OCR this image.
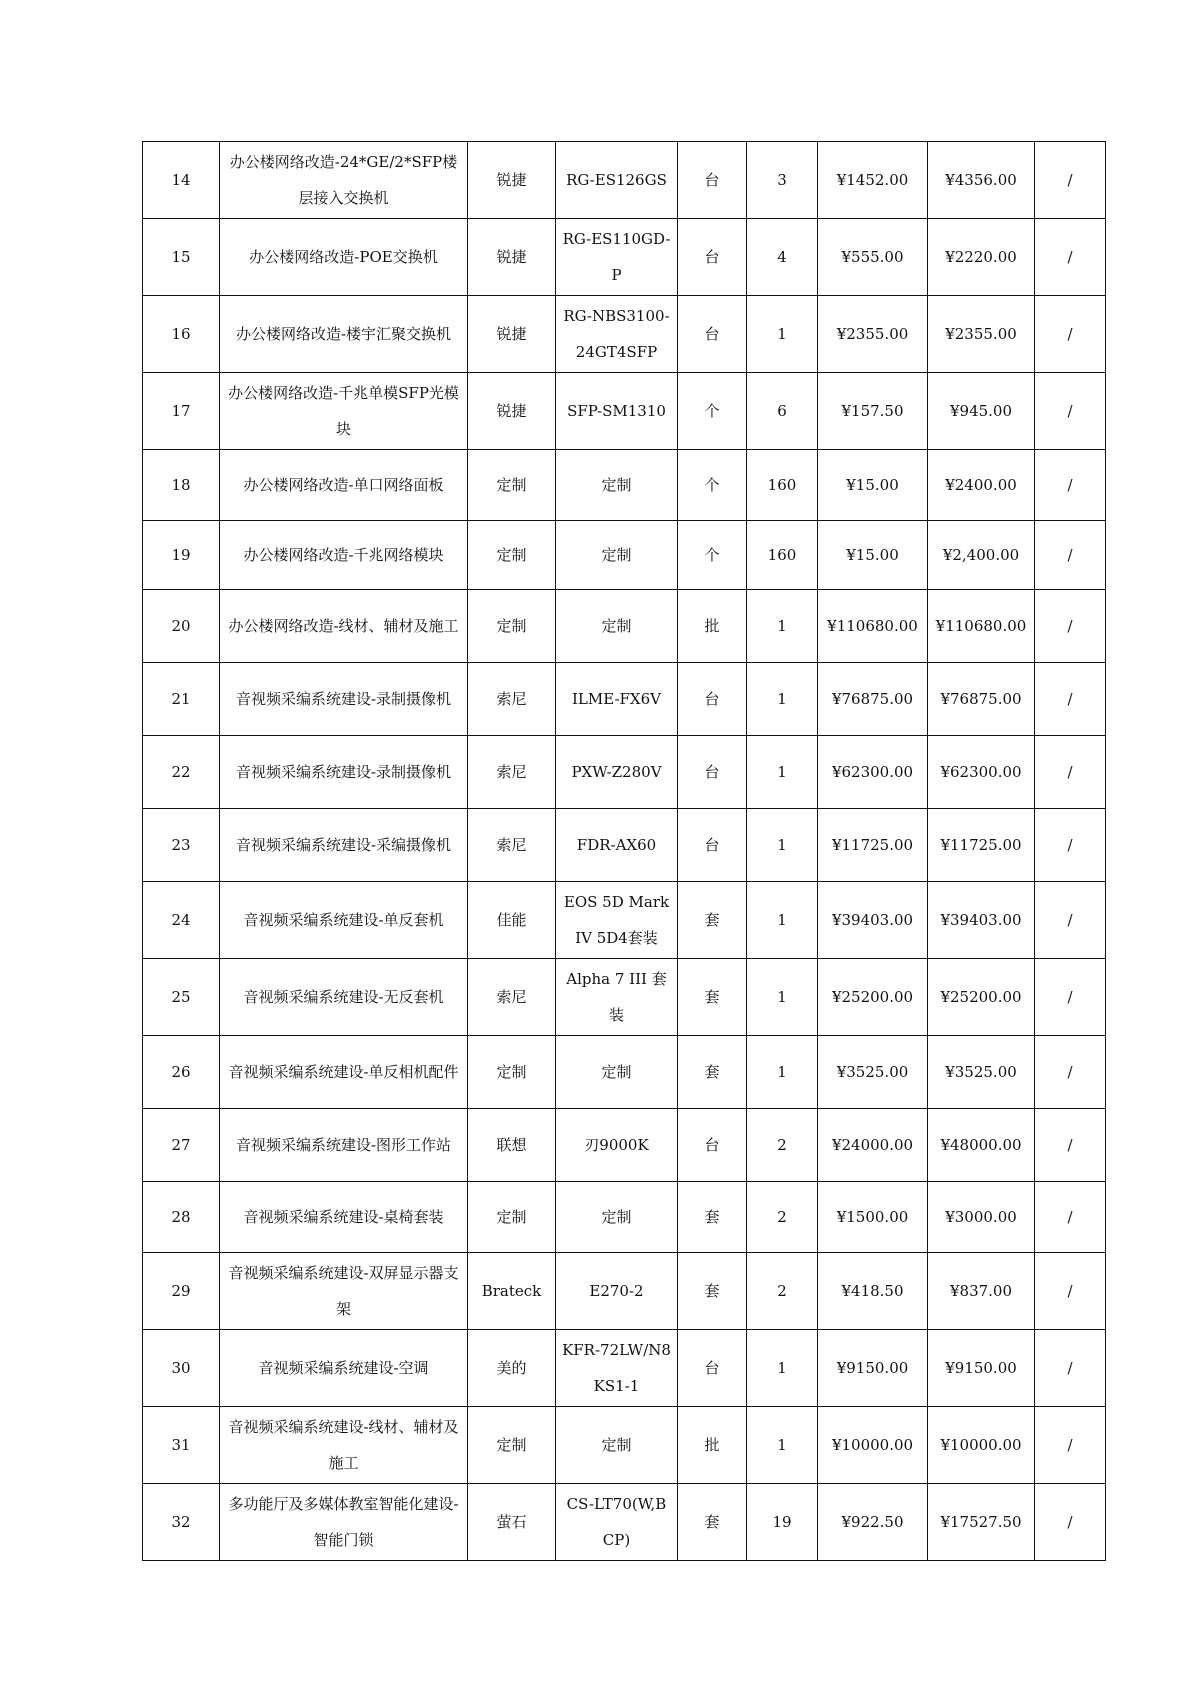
14	办公楼网络改造-24*GE/2*SFP楼层接入交换机	锐捷	RG-ES126GS	台	3	¥1452.00	¥4356.00	/
15	办公楼网络改造-POE交换机	锐捷	RG-ES110GD-P	台	4	¥555.00	¥2220.00	/
16	办公楼网络改造-楼宇汇聚交换机	锐捷	RG-NBS3100-24GT4SFP	台	1	¥2355.00	¥2355.00	/
17	办公楼网络改造-千兆单模SFP光模块	锐捷	SFP-SM1310	个	6	¥157.50	¥945.00	/
18	办公楼网络改造-单口网络面板	定制	定制	个	160	¥15.00	¥2400.00	/
19	办公楼网络改造-千兆网络模块	定制	定制	个	160	¥15.00	¥2,400.00	/
20	办公楼网络改造-线材、辅材及施工	定制	定制	批	1	¥110680.00	¥110680.00	/
21	音视频采编系统建设-录制摄像机	索尼	ILME-FX6V	台	1	¥76875.00	¥76875.00	/
22	音视频采编系统建设-录制摄像机	索尼	PXW-Z280V	台	1	¥62300.00	¥62300.00	/
23	音视频采编系统建设-采编摄像机	索尼	FDR-AX60	台	1	¥11725.00	¥11725.00	/
24	音视频采编系统建设-单反套机	佳能	EOS 5D Mark IV 5D4套装	套	1	¥39403.00	¥39403.00	/
25	音视频采编系统建设-无反套机	索尼	Alpha 7 III 套装	套	1	¥25200.00	¥25200.00	/
26	音视频采编系统建设-单反相机配件	定制	定制	套	1	¥3525.00	¥3525.00	/
27	音视频采编系统建设-图形工作站	联想	刃9000K	台	2	¥24000.00	¥48000.00	/
28	音视频采编系统建设-桌椅套装	定制	定制	套	2	¥1500.00	¥3000.00	/
29	音视频采编系统建设-双屏显示器支架	Brateck	E270-2	套	2	¥418.50	¥837.00	/
30	音视频采编系统建设-空调	美的	KFR-72LW/N8KS1-1	台	1	¥9150.00	¥9150.00	/
31	音视频采编系统建设-线材、辅材及施工	定制	定制	批	1	¥10000.00	¥10000.00	/
32	多功能厅及多媒体教室智能化建设-智能门锁	萤石	CS-LT70(W,BCP)	套	19	¥922.50	¥17527.50	/
